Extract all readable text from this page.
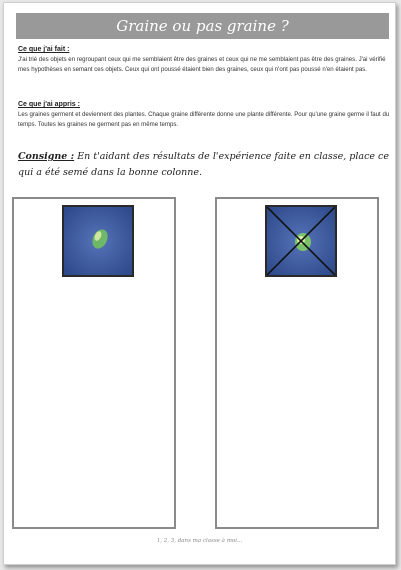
Graine ou pas graine ?
Ce que j'ai fait :

J'ai trié des objets en regroupant ceux qui me semblaient être des graines et ceux qui ne me semblaient pas être des graines. J'ai vérifié mes hypothèses en semant ces objets. Ceux qui ont poussé étaient bien des graines, ceux qui n'ont pas poussé n'en étaient pas.

Ce que j'ai appris :

Les graines germent et deviennent des plantes. Chaque graine différente donne une plante différente. Pour qu'une graine germe il faut du temps. Toutes les graines ne germent pas en même temps.

Consigne : En t'aidant des résultats de l'expérience faite en classe, place ce qui a été semé dans la bonne colonne.
1, 2, 3, dans ma classe à moi...
